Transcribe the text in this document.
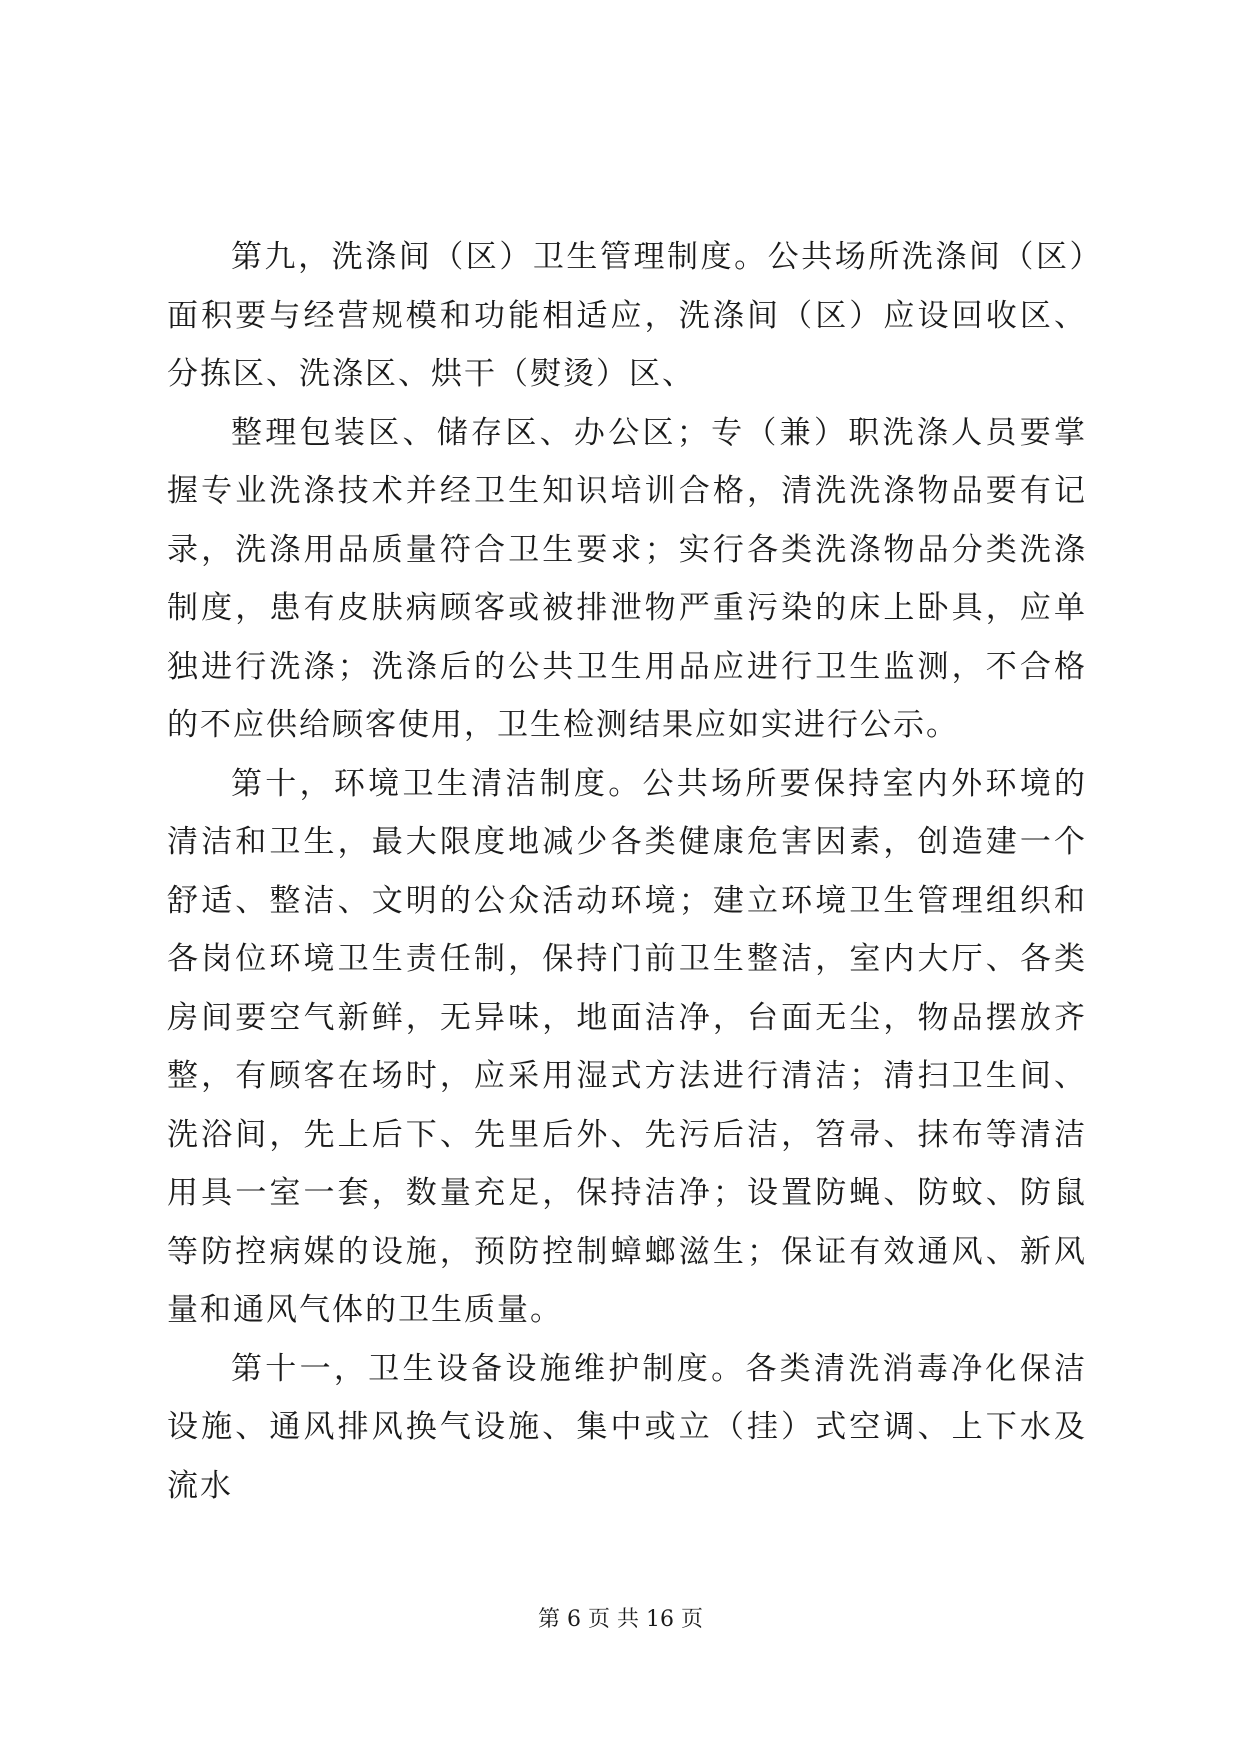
第九，洗涤间（区）卫生管理制度。公共场所洗涤间（区）面积要与经营规模和功能相适应，洗涤间（区）应设回收区、分拣区、洗涤区、烘干（熨烫）区、

整理包装区、储存区、办公区；专（兼）职洗涤人员要掌握专业洗涤技术并经卫生知识培训合格，清洗洗涤物品要有记录，洗涤用品质量符合卫生要求；实行各类洗涤物品分类洗涤制度，患有皮肤病顾客或被排泄物严重污染的床上卧具，应单独进行洗涤；洗涤后的公共卫生用品应进行卫生监测，不合格的不应供给顾客使用，卫生检测结果应如实进行公示。

第十，环境卫生清洁制度。公共场所要保持室内外环境的清洁和卫生，最大限度地减少各类健康危害因素，创造建一个舒适、整洁、文明的公众活动环境；建立环境卫生管理组织和各岗位环境卫生责任制，保持门前卫生整洁，室内大厅、各类房间要空气新鲜，无异味，地面洁净，台面无尘，物品摆放齐整，有顾客在场时，应采用湿式方法进行清洁；清扫卫生间、洗浴间，先上后下、先里后外、先污后洁，笤帚、抹布等清洁用具一室一套，数量充足，保持洁净；设置防蝇、防蚊、防鼠等防控病媒的设施，预防控制蟑螂滋生；保证有效通风、新风量和通风气体的卫生质量。

第十一，卫生设备设施维护制度。各类清洗消毒净化保洁设施、通风排风换气设施、集中或立（挂）式空调、上下水及流水

第 6 页 共 16 页
